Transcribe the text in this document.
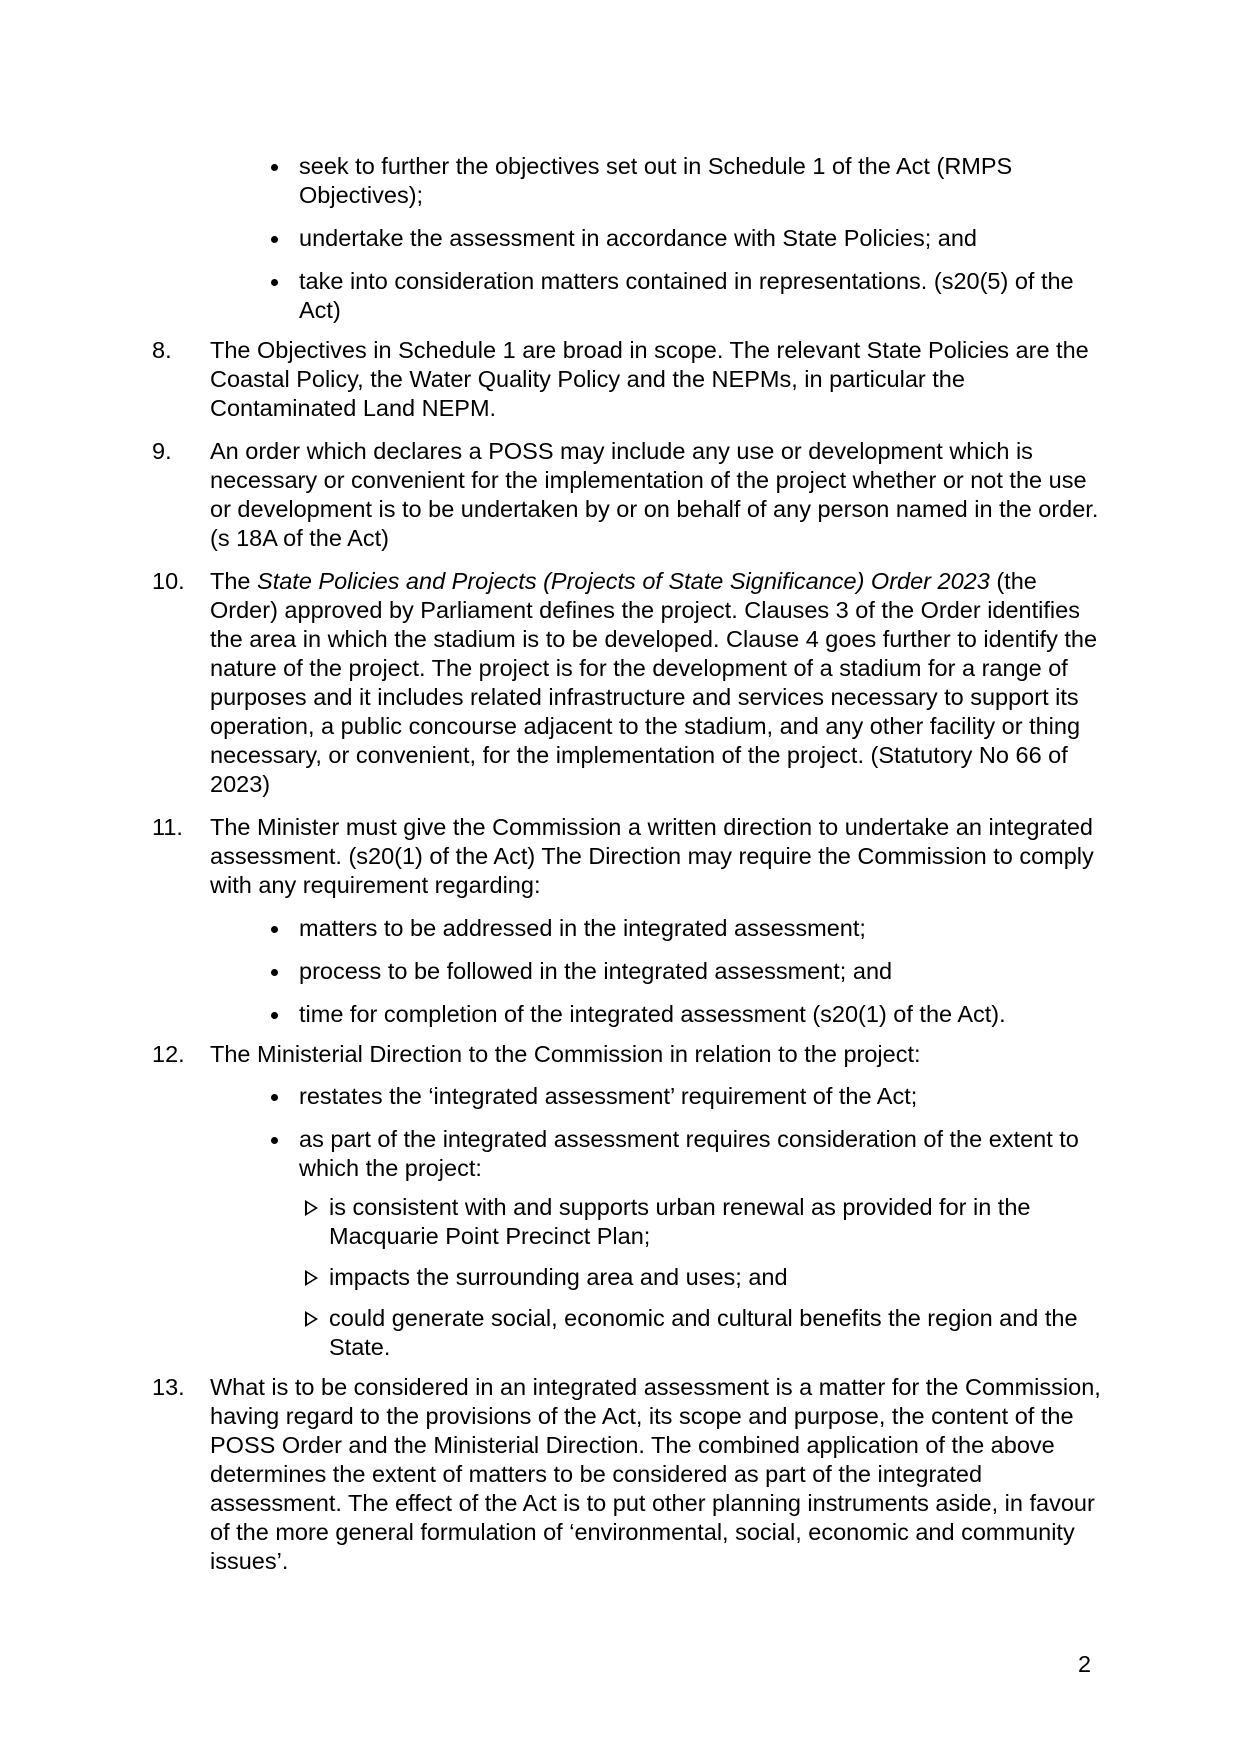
seek to further the objectives set out in Schedule 1 of the Act (RMPS Objectives);
undertake the assessment in accordance with State Policies; and
take into consideration matters contained in representations. (s20(5) of the Act)
8. The Objectives in Schedule 1 are broad in scope. The relevant State Policies are the Coastal Policy, the Water Quality Policy and the NEPMs, in particular the Contaminated Land NEPM.
9. An order which declares a POSS may include any use or development which is necessary or convenient for the implementation of the project whether or not the use or development is to be undertaken by or on behalf of any person named in the order. (s 18A of the Act)
10. The State Policies and Projects (Projects of State Significance) Order 2023 (the Order) approved by Parliament defines the project. Clauses 3 of the Order identifies the area in which the stadium is to be developed. Clause 4 goes further to identify the nature of the project. The project is for the development of a stadium for a range of purposes and it includes related infrastructure and services necessary to support its operation, a public concourse adjacent to the stadium, and any other facility or thing necessary, or convenient, for the implementation of the project. (Statutory No 66 of 2023)
11. The Minister must give the Commission a written direction to undertake an integrated assessment. (s20(1) of the Act) The Direction may require the Commission to comply with any requirement regarding:
matters to be addressed in the integrated assessment;
process to be followed in the integrated assessment; and
time for completion of the integrated assessment (s20(1) of the Act).
12. The Ministerial Direction to the Commission in relation to the project:
restates the ‘integrated assessment’ requirement of the Act;
as part of the integrated assessment requires consideration of the extent to which the project:
is consistent with and supports urban renewal as provided for in the Macquarie Point Precinct Plan;
impacts the surrounding area and uses; and
could generate social, economic and cultural benefits the region and the State.
13. What is to be considered in an integrated assessment is a matter for the Commission, having regard to the provisions of the Act, its scope and purpose, the content of the POSS Order and the Ministerial Direction. The combined application of the above determines the extent of matters to be considered as part of the integrated assessment. The effect of the Act is to put other planning instruments aside, in favour of the more general formulation of ‘environmental, social, economic and community issues’.
2
